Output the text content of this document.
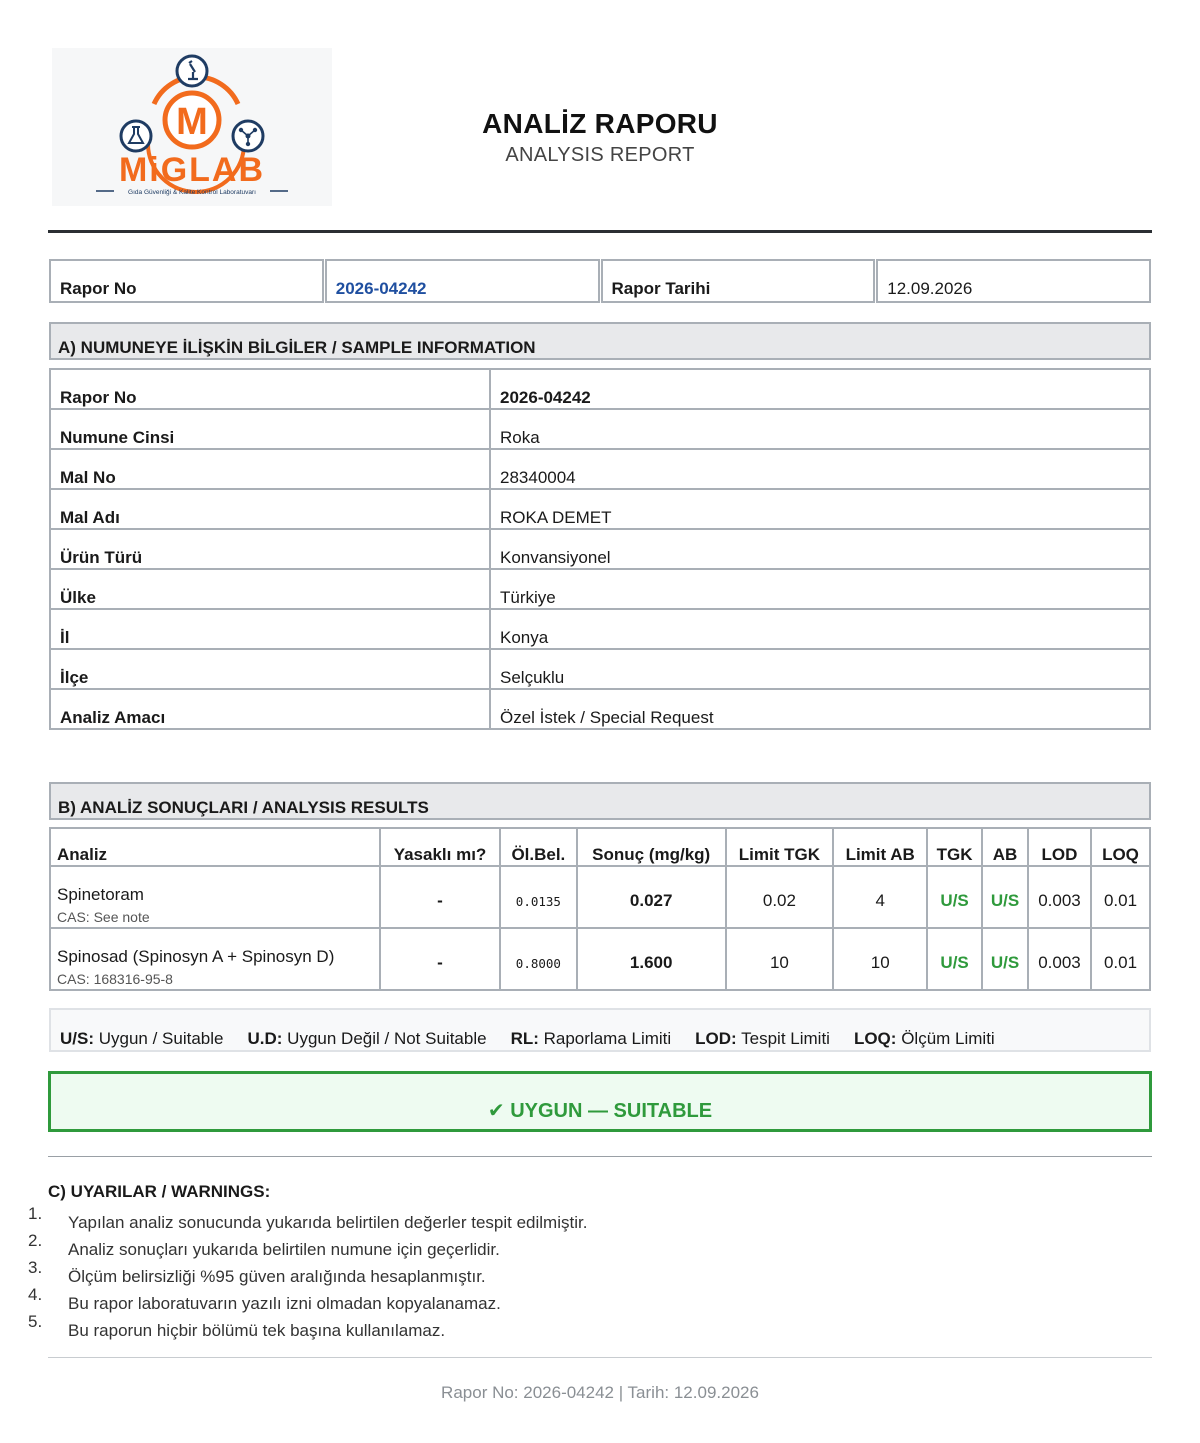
M
MiGLAB
Gıda Güvenliği & Kalite Kontrol Laboratuvarı
ANALİZ RAPORU
ANALYSIS REPORT
Rapor No	2026-04242	Rapor Tarihi	12.09.2026
A) NUMUNEYE İLİŞKİN BİLGİLER / SAMPLE INFORMATION
Rapor No	2026-04242
Numune Cinsi	Roka
Mal No	28340004
Mal Adı	ROKA DEMET
Ürün Türü	Konvansiyonel
Ülke	Türkiye
İl	Konya
İlçe	Selçuklu
Analiz Amacı	Özel İstek / Special Request
B) ANALİZ SONUÇLARI / ANALYSIS RESULTS
Analiz	Yasaklı mı?	Öl.Bel.	Sonuç (mg/kg)	Limit TGK	Limit AB	TGK	AB	LOD	LOQ
Spinetoram
CAS: See note	-	0.0135	0.027	0.02	4	U/S	U/S	0.003	0.01
Spinosad (Spinosyn A + Spinosyn D)
CAS: 168316-95-8	-	0.8000	1.600	10	10	U/S	U/S	0.003	0.01
U/S: Uygun / Suitable U.D: Uygun Değil / Not Suitable RL: Raporlama Limiti LOD: Tespit Limiti LOQ: Ölçüm Limiti
✔ UYGUN — SUITABLE
C) UYARILAR / WARNINGS:
1. Yapılan analiz sonucunda yukarıda belirtilen değerler tespit edilmiştir.
2. Analiz sonuçları yukarıda belirtilen numune için geçerlidir.
3. Ölçüm belirsizliği %95 güven aralığında hesaplanmıştır.
4. Bu rapor laboratuvarın yazılı izni olmadan kopyalanamaz.
5. Bu raporun hiçbir bölümü tek başına kullanılamaz.
Rapor No: 2026-04242 | Tarih: 12.09.2026
